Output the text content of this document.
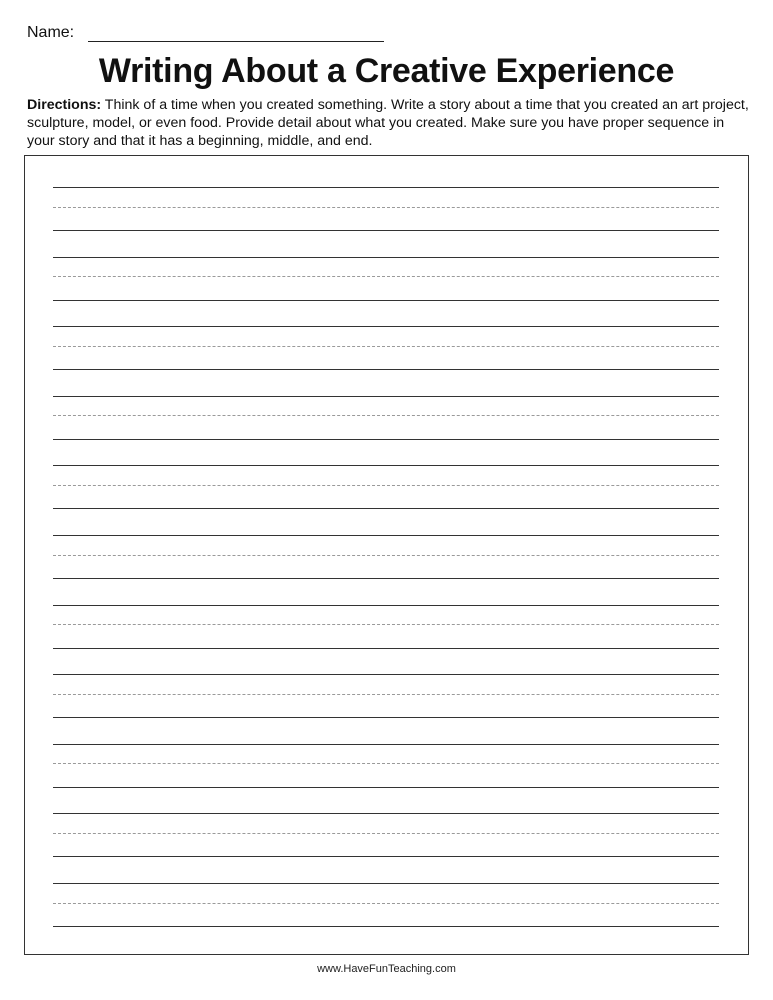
Name:
Writing About a Creative Experience
Directions: Think of a time when you created something. Write a story about a time that you created an art project, sculpture, model, or even food. Provide detail about what you created. Make sure you have proper sequence in your story and that it has a beginning, middle, and end.
www.HaveFunTeaching.com
